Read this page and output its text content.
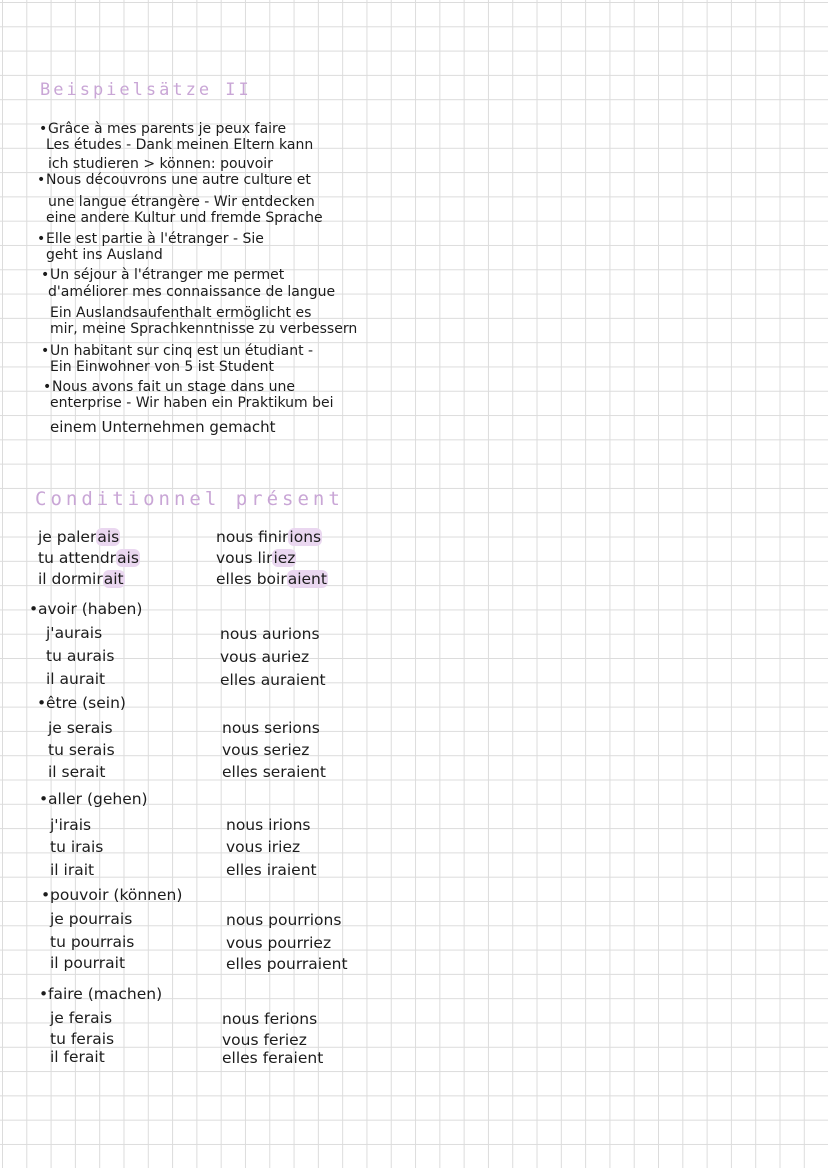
Beispielsätze II
• Grâce à mes parents je peux faire
Les études - Dank meinen Eltern kann
ich studieren > können: pouvoir
• Nous découvrons une autre culture et
une langue étrangère - Wir entdecken
eine andere Kultur und fremde Sprache
• Elle est partie à l'étranger - Sie
geht ins Ausland
• Un séjour à l'étranger me permet
d'améliorer mes connaissance de langue
Ein Auslandsaufenthalt ermöglicht es
mir, meine Sprachkenntnisse zu verbessern
• Un habitant sur cinq est un étudiant -
Ein Einwohner von 5 ist Student
• Nous avons fait un stage dans une
enterprise - Wir haben ein Praktikum bei
einem Unternehmen gemacht
Conditionnel présent
je palerais
tu attendrais
il dormirait
nous finirions
vous liriez
elles boiraient
• avoir (haben)
j'aurais
tu aurais
il aurait
nous aurions
vous auriez
elles auraient
• être (sein)
je serais
tu serais
il serait
nous serions
vous seriez
elles seraient
• aller (gehen)
j'irais
tu irais
il irait
nous irions
vous iriez
elles iraient
• pouvoir (können)
je pourrais
tu pourrais
il pourrait
nous pourrions
vous pourriez
elles pourraient
• faire (machen)
je ferais
tu ferais
il ferait
nous ferions
vous feriez
elles feraient
